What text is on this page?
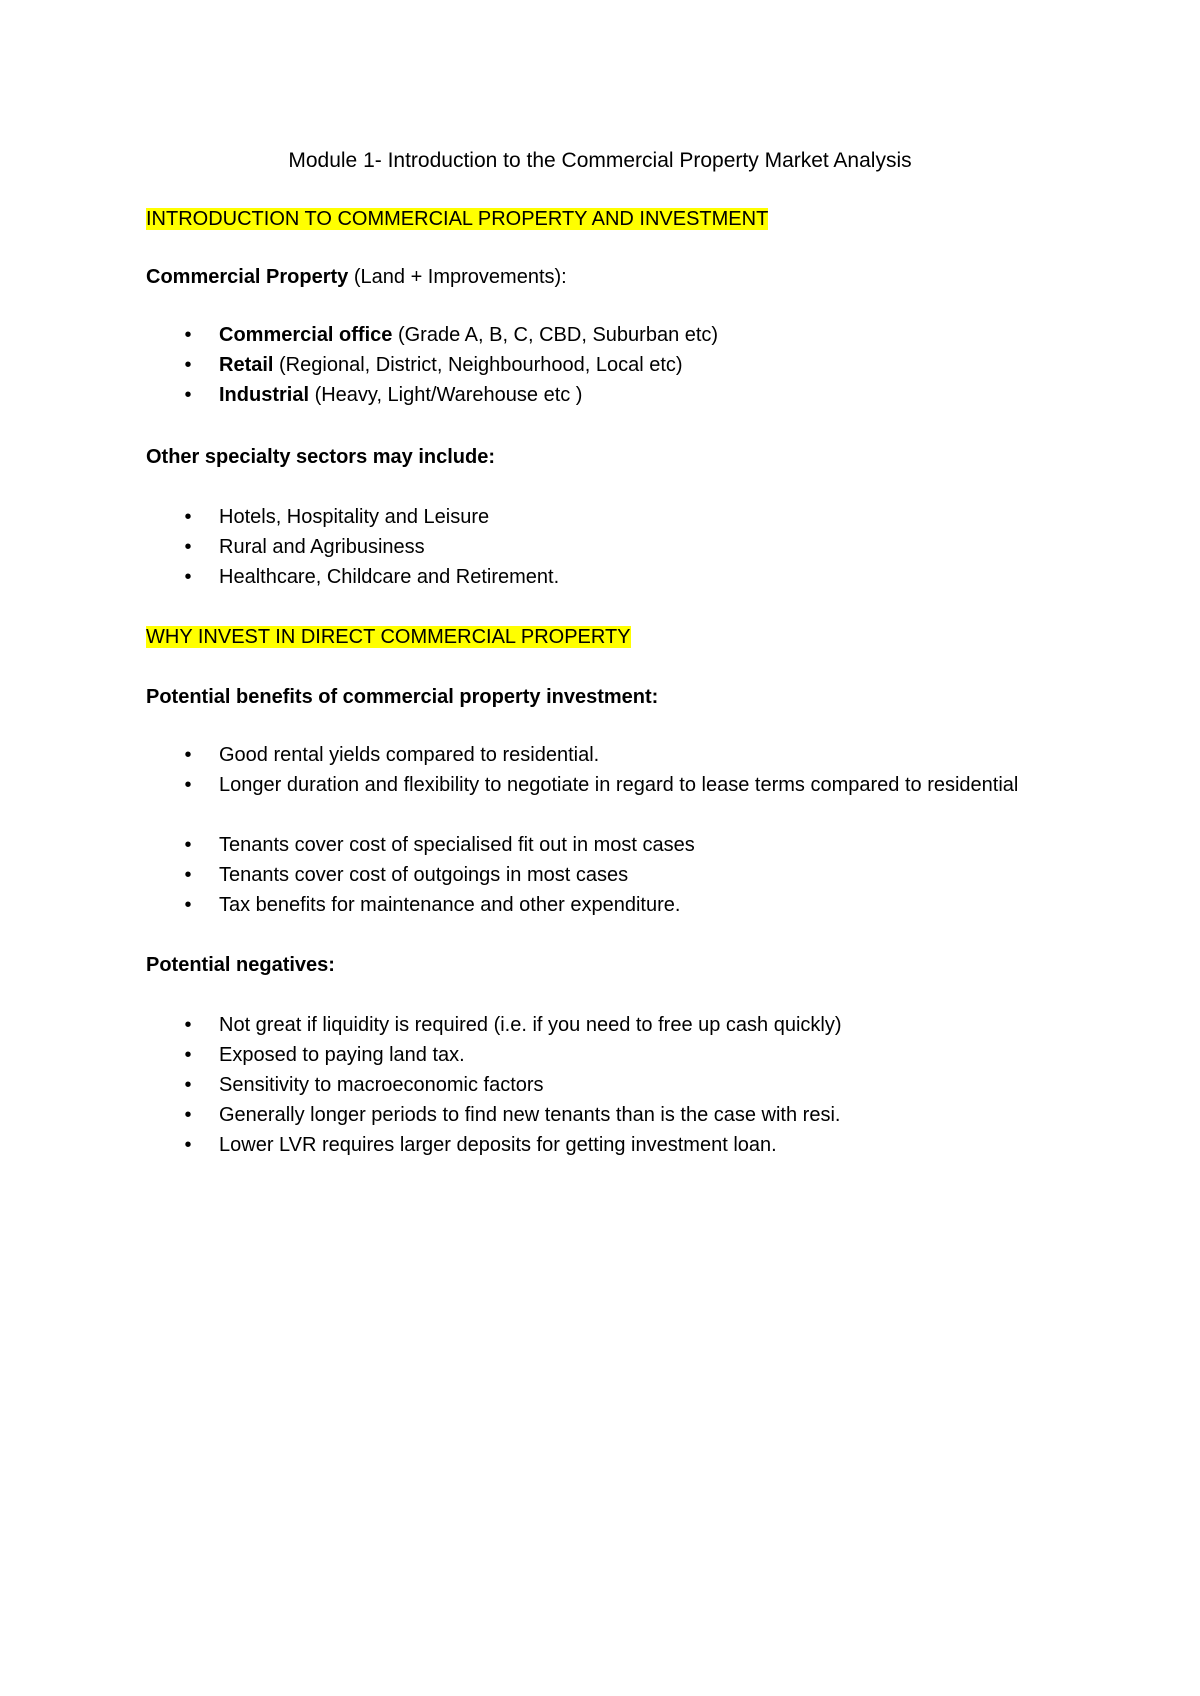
Module 1- Introduction to the Commercial Property Market Analysis
INTRODUCTION TO COMMERCIAL PROPERTY AND INVESTMENT
Commercial Property (Land + Improvements):
• Commercial office (Grade A, B, C, CBD, Suburban etc)
• Retail (Regional, District, Neighbourhood, Local etc)
• Industrial (Heavy, Light/Warehouse etc )
Other specialty sectors may include:
• Hotels, Hospitality and Leisure
• Rural and Agribusiness
• Healthcare, Childcare and Retirement.
WHY INVEST IN DIRECT COMMERCIAL PROPERTY
Potential benefits of commercial property investment:
• Good rental yields compared to residential.
• Longer duration and flexibility to negotiate in regard to lease terms compared to residential
• Tenants cover cost of specialised fit out in most cases
• Tenants cover cost of outgoings in most cases
• Tax benefits for maintenance and other expenditure.
Potential negatives:
• Not great if liquidity is required (i.e. if you need to free up cash quickly)
• Exposed to paying land tax.
• Sensitivity to macroeconomic factors
• Generally longer periods to find new tenants than is the case with resi.
• Lower LVR requires larger deposits for getting investment loan.
